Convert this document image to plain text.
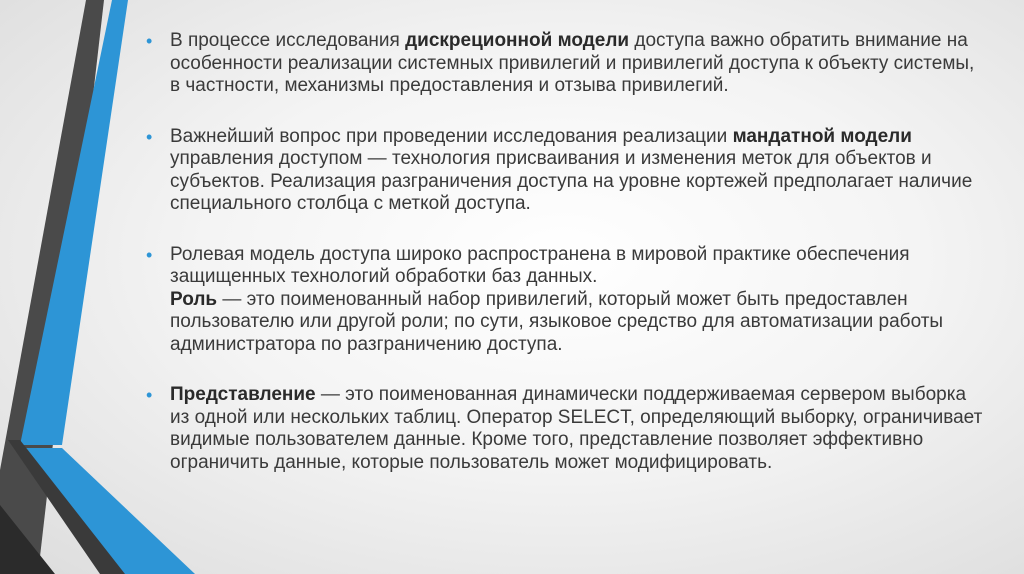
• В процессе исследования дискреционной модели доступа важно обратить внимание на особенности реализации системных привилегий и привилегий доступа к объекту системы, в частности, механизмы предоставления и отзыва привилегий.
• Важнейший вопрос при проведении исследования реализации мандатной модели управления доступом — технология присваивания и изменения меток для объектов и субъектов. Реализация разграничения доступа на уровне кортежей предполагает наличие специального столбца с меткой доступа.
• Ролевая модель доступа широко распространена в мировой практике обеспечения защищенных технологий обработки баз данных.
Роль — это поименованный набор привилегий, который может быть предоставлен пользователю или другой роли; по сути, языковое средство для автоматизации работы администратора по разграничению доступа.
• Представление — это поименованная динамически поддерживаемая сервером выборка из одной или нескольких таблиц. Оператор SELECT, определяющий выборку, ограничивает видимые пользователем данные. Кроме того, представление позволяет эффективно ограничить данные, которые пользователь может модифицировать.
